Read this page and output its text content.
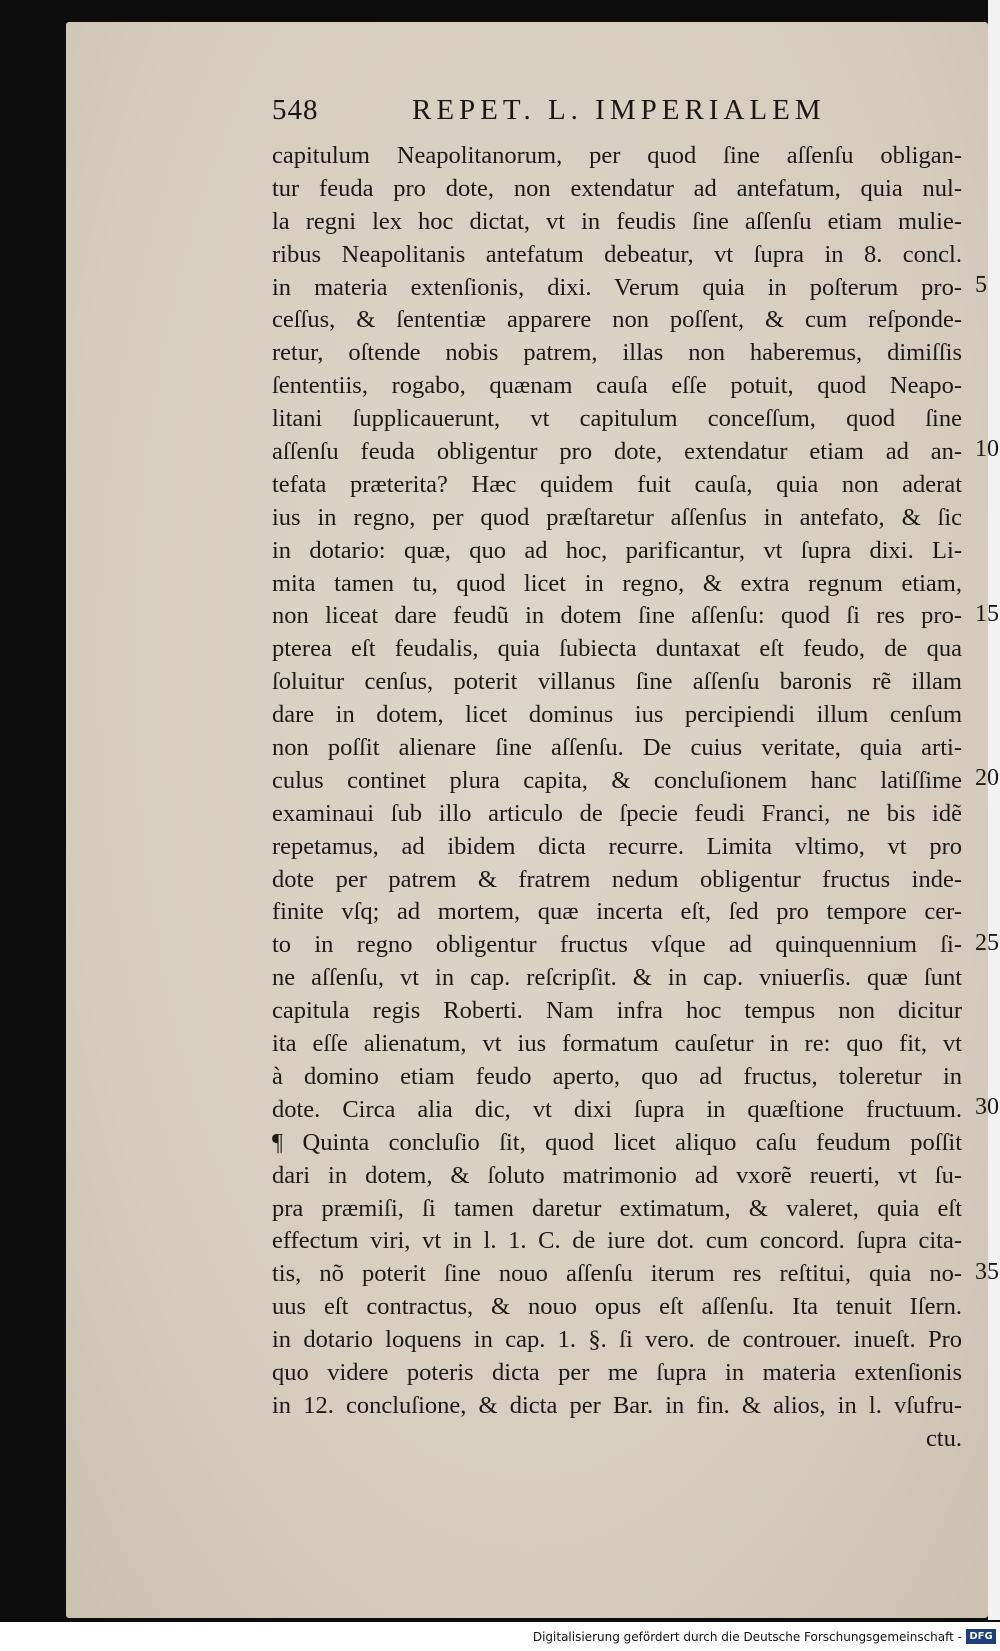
548	REPET. L. IMPERIALEM
capitulum Neapolitanorum, per quod ſine aſſenſu obligan-
tur feuda pro dote, non extendatur ad antefatum, quia nul-
la regni lex hoc dictat, vt in feudis ſine aſſenſu etiam mulie-
ribus Neapolitanis antefatum debeatur, vt ſupra in 8. concl.
in materia extenſionis, dixi. Verum quia in poſterum pro-
ceſſus, & ſententiæ apparere non poſſent, & cum reſponde-
retur, oſtende nobis patrem, illas non haberemus, dimiſſis
ſententiis, rogabo, quænam cauſa eſſe potuit, quod Neapo-
litani ſupplicauerunt, vt capitulum conceſſum, quod ſine
aſſenſu feuda obligentur pro dote, extendatur etiam ad an-
tefata præterita? Hæc quidem fuit cauſa, quia non aderat
ius in regno, per quod præſtaretur aſſenſus in antefato, & ſic
in dotario: quæ, quo ad hoc, parificantur, vt ſupra dixi. Li-
mita tamen tu, quod licet in regno, & extra regnum etiam,
non liceat dare feudũ in dotem ſine aſſenſu: quod ſi res pro-
pterea eſt feudalis, quia ſubiecta duntaxat eſt feudo, de qua
ſoluitur cenſus, poterit villanus ſine aſſenſu baronis rẽ illam
dare in dotem, licet dominus ius percipiendi illum cenſum
non poſſit alienare ſine aſſenſu. De cuius veritate, quia arti-
culus continet plura capita, & concluſionem hanc latiſſime
examinaui ſub illo articulo de ſpecie feudi Franci, ne bis idẽ
repetamus, ad ibidem dicta recurre. Limita vltimo, vt pro
dote per patrem & fratrem nedum obligentur fructus inde-
finite vſq; ad mortem, quæ incerta eſt, ſed pro tempore cer-
to in regno obligentur fructus vſque ad quinquennium ſi-
ne aſſenſu, vt in cap. reſcripſit. & in cap. vniuerſis. quæ ſunt
capitula regis Roberti. Nam infra hoc tempus non dicitur
ita eſſe alienatum, vt ius formatum cauſetur in re: quo fit, vt
à domino etiam feudo aperto, quo ad fructus, toleretur in
dote. Circa alia dic, vt dixi ſupra in quæſtione fructuum.
¶ Quinta concluſio ſit, quod licet aliquo caſu feudum poſſit
dari in dotem, & ſoluto matrimonio ad vxorẽ reuerti, vt ſu-
pra præmiſi, ſi tamen daretur extimatum, & valeret, quia eſt
effectum viri, vt in l. 1. C. de iure dot. cum concord. ſupra cita-
tis, nõ poterit ſine nouo aſſenſu iterum res reſtitui, quia no-
uus eſt contractus, & nouo opus eſt aſſenſu. Ita tenuit Iſern.
in dotario loquens in cap. 1. §. ſi vero. de controuer. inueſt. Pro
quo videre poteris dicta per me ſupra in materia extenſionis
in 12. concluſione, & dicta per Bar. in fin. & alios, in l. vſufru-
ctu.
5
10
15
20
25
30
35
Digitalisierung gefördert durch die Deutsche Forschungsgemeinschaft - DFG
